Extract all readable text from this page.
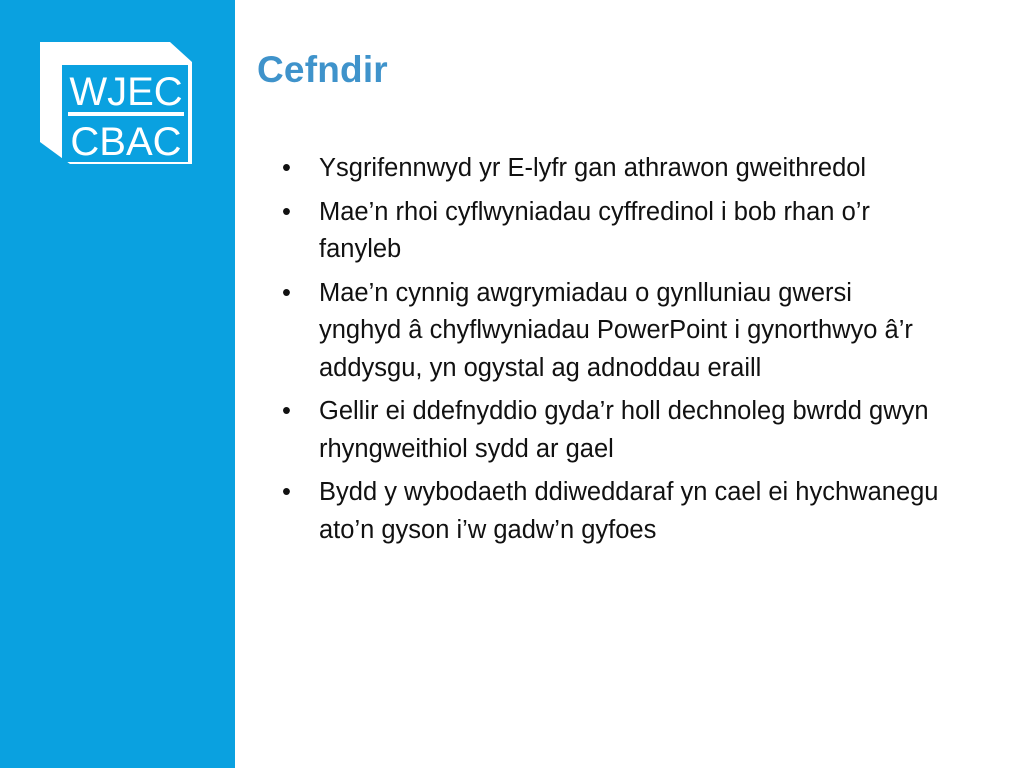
WJEC
CBAC
Cefndir
• Ysgrifennwyd yr E-lyfr gan athrawon gweithredol
• Mae’n rhoi cyflwyniadau cyffredinol i bob rhan o’r fanyleb
• Mae’n cynnig awgrymiadau o gynlluniau gwersi ynghyd â chyflwyniadau PowerPoint i gynorthwyo â’r addysgu, yn ogystal ag adnoddau eraill
• Gellir ei ddefnyddio gyda’r holl dechnoleg bwrdd gwyn rhyngweithiol sydd ar gael
• Bydd y wybodaeth ddiweddaraf yn cael ei hychwanegu ato’n gyson i’w gadw’n gyfoes
